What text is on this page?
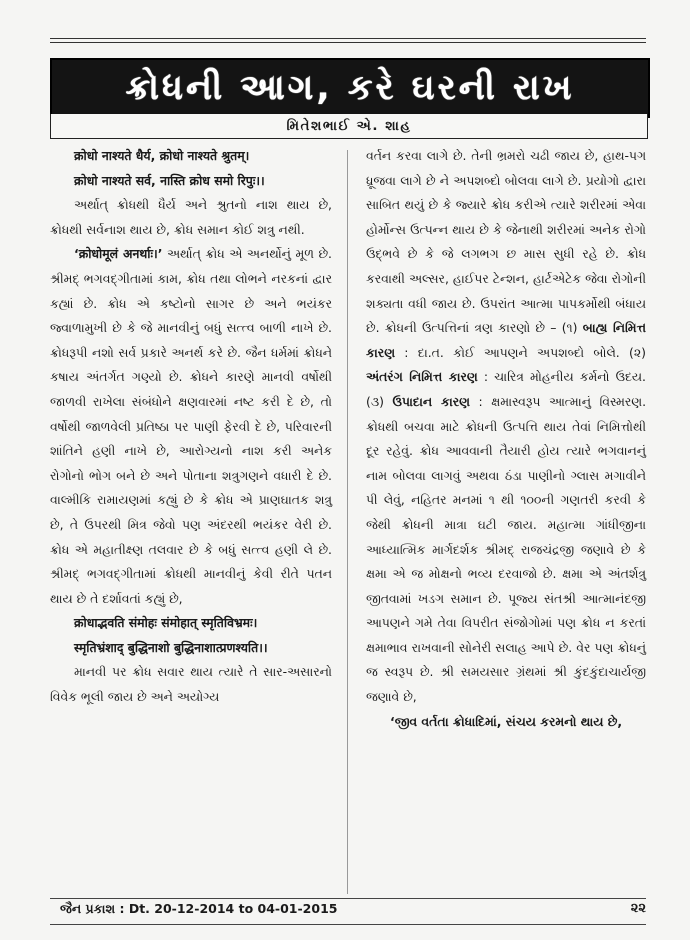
ક્રોધની આગ, કરે ઘરની રાખ
મિતેશભાઈ એ. શાહ

क्रोधो नाश्यते धैर्य, क्रोधो नाश्यते श्रुतम्।

क्रोधो नाश्यते सर्व, नास्ति क्रोध समो रिपुः।।

અર્થાત્ ક્રોધથી ધૈર્ય અને શ્રુતનો નાશ થાય છે, ક્રોધથી સર્વનાશ થાય છે, ક્રોધ સમાન કોઈ શત્રુ નથી.

‘क्रोधोमूलं अनर्थाः।’ અર્થાત્ ક્રોધ એ અનર્થોનું મૂળ છે. શ્રીમદ્ ભગવદ્ગીતામાં કામ, ક્રોધ તથા લોભને નરકનાં દ્વાર કહ્યાં છે. ક્રોધ એ કષ્ટોનો સાગર છે અને ભયંકર જ્વાળામુખી છે કે જે માનવીનું બધું સત્ત્વ બાળી નાખે છે. ક્રોધરૂપી નશો સર્વ પ્રકારે અનર્થ કરે છે. જૈન ધર્મમાં ક્રોધને કષાય અંતર્ગત ગણ્યો છે. ક્રોધને કારણે માનવી વર્ષોથી જાળવી રાખેલા સંબંધોને ક્ષણવારમાં નષ્ટ કરી દે છે, તો વર્ષોથી જાળવેલી પ્રતિષ્ઠા પર પાણી ફેરવી દે છે, પરિવારની શાંતિને હણી નાખે છે, આરોગ્યનો નાશ કરી અનેક રોગોનો ભોગ બને છે અને પોતાના શત્રુગણને વધારી દે છે. વાલ્મીકિ રામાયણમાં કહ્યું છે કે ક્રોધ એ પ્રાણઘાતક શત્રુ છે, તે ઉપરથી મિત્ર જેવો પણ અંદરથી ભયંકર વેરી છે. ક્રોધ એ મહાતીક્ષ્ણ તલવાર છે કે બધું સત્ત્વ હણી લે છે. શ્રીમદ્ ભગવદ્ગીતામાં ક્રોધથી માનવીનું કેવી રીતે પતન થાય છે તે દર્શાવતાં કહ્યું છે,

क्रोधाद्भवति संमोहः संमोहात् स्मृतिविभ्रमः।

स्मृतिभ्रंशाद् बुद्धिनाशो बुद्धिनाशात्प्रणश्यति।।

માનવી પર ક્રોધ સવાર થાય ત્યારે તે સાર-અસારનો વિવેક ભૂલી જાય છે અને અયોગ્ય

વર્તન કરવા લાગે છે. તેની ભ્રમરો ચઢી જાય છે, હાથ-પગ ધ્રૂજવા લાગે છે ને અપશબ્દો બોલવા લાગે છે. પ્રયોગો દ્વારા સાબિત થયું છે કે જ્યારે ક્રોધ કરીએ ત્યારે શરીરમાં એવા હોર્મોન્સ ઉત્પન્ન થાય છે કે જેનાથી શરીરમાં અનેક રોગો ઉદ્ભવે છે કે જે લગભગ છ માસ સુધી રહે છે. ક્રોધ કરવાથી અલ્સર, હાઈપર ટેન્શન, હાર્ટએટેક જેવા રોગોની શક્યતા વધી જાય છે. ઉપરાંત આત્મા પાપકર્મોથી બંધાય છે. ક્રોધની ઉત્પત્તિનાં ત્રણ કારણો છે – (૧) બાહ્ય નિમિત્ત કારણ : દા.ત. કોઈ આપણને અપશબ્દો બોલે. (૨) અંતરંગ નિમિત્ત કારણ : ચારિત્ર મોહનીય કર્મનો ઉદય. (૩) ઉપાદાન કારણ : ક્ષમાસ્વરૂપ આત્માનું વિસ્મરણ. ક્રોધથી બચવા માટે ક્રોધની ઉત્પત્તિ થાય તેવાં નિમિત્તોથી દૂર રહેવું. ક્રોધ આવવાની તૈયારી હોય ત્યારે ભગવાનનું નામ બોલવા લાગવું અથવા ઠંડા પાણીનો ગ્લાસ મગાવીને પી લેવું, નહિતર મનમાં ૧ થી ૧૦૦ની ગણતરી કરવી કે જેથી ક્રોધની માત્રા ઘટી જાય. મહાત્મા ગાંધીજીના આધ્યાત્મિક માર્ગદર્શક શ્રીમદ્ રાજચંદ્રજી જણાવે છે કે ક્ષમા એ જ મોક્ષનો ભવ્ય દરવાજો છે. ક્ષમા એ અંતર્શત્રુ જીતવામાં ખડગ સમાન છે. પૂજ્ય સંતશ્રી આત્માનંદજી આપણને ગમે તેવા વિપરીત સંજોગોમાં પણ ક્રોધ ન કરતાં ક્ષમાભાવ રાખવાની સોનેરી સલાહ આપે છે. વેર પણ ક્રોધનું જ સ્વરૂપ છે. શ્રી સમયસાર ગ્રંથમાં શ્રી કુંદકુંદાચાર્યજી જણાવે છે,

‘જીવ વર્તતા ક્રોધાદિમાં, સંચય કરમનો થાય છે,

જૈન પ્રકાશ : Dt. 20-12-2014 to 04-01-2015	૨૨
